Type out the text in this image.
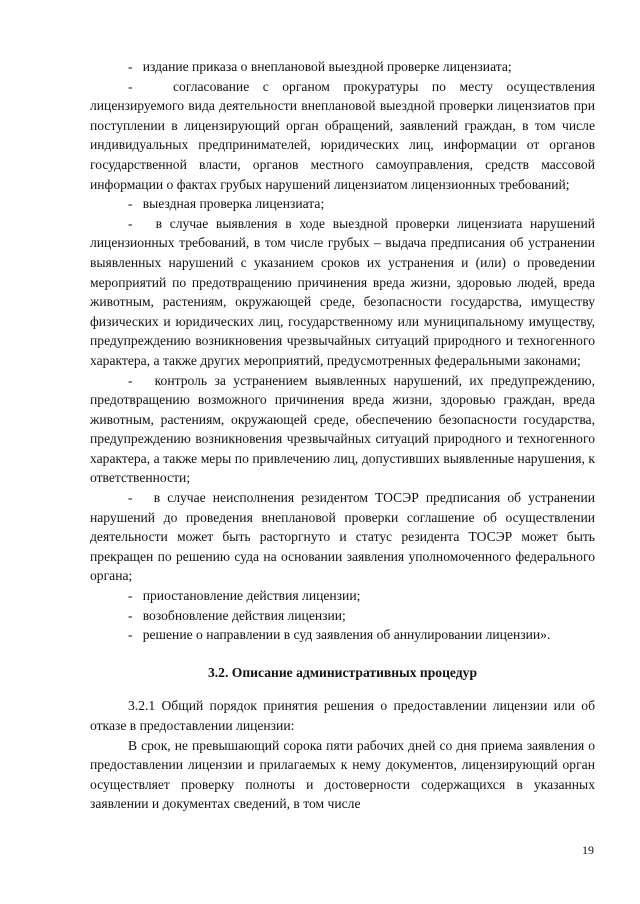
-   издание приказа о внеплановой выездной проверке лицензиата;

-   согласование с органом прокуратуры по месту осуществления лицензируемого вида деятельности внеплановой выездной проверки лицензиатов при поступлении в лицензирующий орган обращений, заявлений граждан, в том числе индивидуальных предпринимателей, юридических лиц, информации от органов государственной власти, органов местного самоуправления, средств массовой информации о фактах грубых нарушений лицензиатом лицензионных требований;

-   выездная проверка лицензиата;

-   в случае выявления в ходе выездной проверки лицензиата нарушений лицензионных требований, в том числе грубых – выдача предписания об устранении выявленных нарушений с указанием сроков их устранения и (или) о проведении мероприятий по предотвращению причинения вреда жизни, здоровью людей, вреда животным, растениям, окружающей среде, безопасности государства, имуществу физических и юридических лиц, государственному или муниципальному имуществу, предупреждению возникновения чрезвычайных ситуаций природного и техногенного характера, а также других мероприятий, предусмотренных федеральными законами;

-   контроль за устранением выявленных нарушений, их предупреждению, предотвращению возможного причинения вреда жизни, здоровью граждан, вреда животным, растениям, окружающей среде, обеспечению безопасности государства, предупреждению возникновения чрезвычайных ситуаций природного и техногенного характера, а также меры по привлечению лиц, допустивших выявленные нарушения, к ответственности;

-   в случае неисполнения резидентом ТОСЭР предписания об устранении нарушений до проведения внеплановой проверки соглашение об осуществлении деятельности может быть расторгнуто и статус резидента ТОСЭР может быть прекращен по решению суда на основании заявления уполномоченного федерального органа;

-   приостановление действия лицензии;

-   возобновление действия лицензии;

-   решение о направлении в суд заявления об аннулировании лицензии».

3.2. Описание административных процедур

3.2.1 Общий порядок принятия решения о предоставлении лицензии или об отказе в предоставлении лицензии:

В срок, не превышающий сорока пяти рабочих дней со дня приема заявления о предоставлении лицензии и прилагаемых к нему документов, лицензирующий орган осуществляет проверку полноты и достоверности содержащихся в указанных заявлении и документах сведений, в том числе

19
